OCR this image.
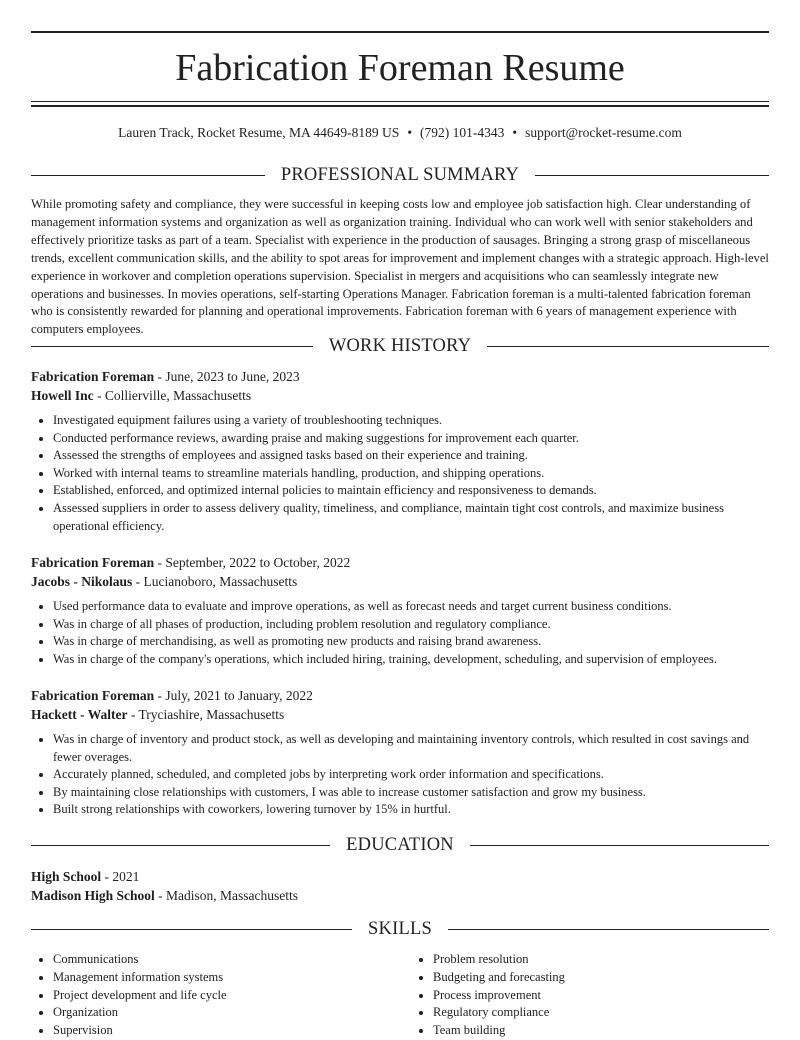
Fabrication Foreman Resume
Lauren Track, Rocket Resume, MA 44649-8189 US • (792) 101-4343 • support@rocket-resume.com
PROFESSIONAL SUMMARY

While promoting safety and compliance, they were successful in keeping costs low and employee job satisfaction high. Clear understanding of management information systems and organization as well as organization training. Individual who can work well with senior stakeholders and effectively prioritize tasks as part of a team. Specialist with experience in the production of sausages. Bringing a strong grasp of miscellaneous trends, excellent communication skills, and the ability to spot areas for improvement and implement changes with a strategic approach. High-level experience in workover and completion operations supervision. Specialist in mergers and acquisitions who can seamlessly integrate new operations and businesses. In movies operations, self-starting Operations Manager. Fabrication foreman is a multi-talented fabrication foreman who is consistently rewarded for planning and operational improvements. Fabrication foreman with 6 years of management experience with computers employees.

WORK HISTORY
Fabrication Foreman - June, 2023 to June, 2023
Howell Inc - Collierville, Massachusetts
• Investigated equipment failures using a variety of troubleshooting techniques.
• Conducted performance reviews, awarding praise and making suggestions for improvement each quarter.
• Assessed the strengths of employees and assigned tasks based on their experience and training.
• Worked with internal teams to streamline materials handling, production, and shipping operations.
• Established, enforced, and optimized internal policies to maintain efficiency and responsiveness to demands.
• Assessed suppliers in order to assess delivery quality, timeliness, and compliance, maintain tight cost controls, and maximize business operational efficiency.
Fabrication Foreman - September, 2022 to October, 2022
Jacobs - Nikolaus - Lucianoboro, Massachusetts
• Used performance data to evaluate and improve operations, as well as forecast needs and target current business conditions.
• Was in charge of all phases of production, including problem resolution and regulatory compliance.
• Was in charge of merchandising, as well as promoting new products and raising brand awareness.
• Was in charge of the company's operations, which included hiring, training, development, scheduling, and supervision of employees.
Fabrication Foreman - July, 2021 to January, 2022
Hackett - Walter - Tryciashire, Massachusetts
• Was in charge of inventory and product stock, as well as developing and maintaining inventory controls, which resulted in cost savings and fewer overages.
• Accurately planned, scheduled, and completed jobs by interpreting work order information and specifications.
• By maintaining close relationships with customers, I was able to increase customer satisfaction and grow my business.
• Built strong relationships with coworkers, lowering turnover by 15% in hurtful.
EDUCATION
High School - 2021
Madison High School - Madison, Massachusetts
SKILLS
• Communications
• Management information systems
• Project development and life cycle
• Organization
• Supervision
• Problem resolution
• Budgeting and forecasting
• Process improvement
• Regulatory compliance
• Team building
